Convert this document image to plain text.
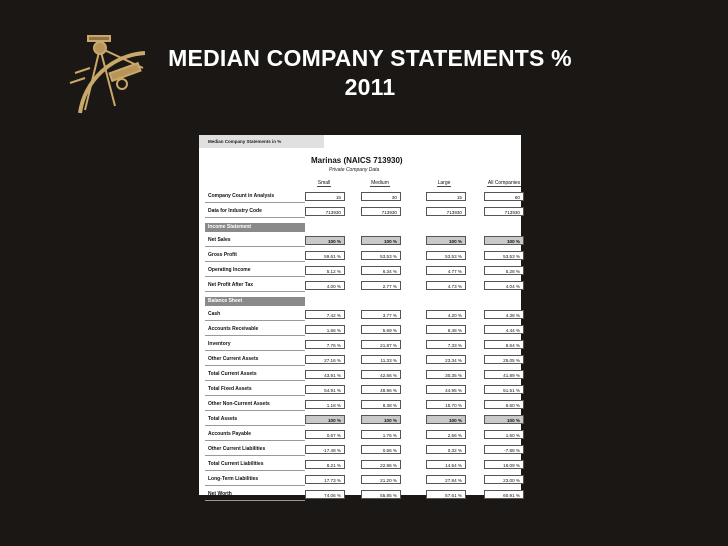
MEDIAN COMPANY STATEMENTS %
2011
Median Company Statements in %
Marinas (NAICS 713930)
Private Company Data
Small	Medium	Large	All Companies
Company Count in Analysis	15	30	15	60
Data for Industry Code	713930	713930	713930	713930
Income Statement
Net Sales	100 %	100 %	100 %	100 %
Gross Profit	59.61 %	53.53 %	53.53 %	53.53 %
Operating Income	5.12 %	6.34 %	4.77 %	5.28 %
Net Profit After Tax	4.00 %	2.77 %	4.73 %	4.04 %
Balance Sheet
Cash	7.42 %	3.77 %	4.20 %	4.38 %
Accounts Receivable	1.66 %	5.69 %	6.48 %	4.44 %
Inventory	7.76 %	21.87 %	7.33 %	8.64 %
Other Current Assets	27.16 %	11.33 %	23.34 %	25.05 %
Total Current Assets	43.91 %	42.66 %	30.35 %	41.89 %
Total Fixed Assets	54.91 %	48.96 %	44.95 %	51.51 %
Other Non-Current Assets	1.18 %	8.38 %	15.70 %	6.60 %
Total Assets	100 %	100 %	100 %	100 %
Accounts Payable	0.67 %	1.76 %	2.66 %	1.60 %
Other Current Liabilities	-17.48 %	0.66 %	0.32 %	-7.88 %
Total Current Liabilities	8.21 %	22.96 %	14.54 %	16.09 %
Long-Term Liabilities	17.73 %	21.20 %	27.84 %	23.00 %
Net Worth	74.06 %	55.85 %	57.61 %	60.91 %
